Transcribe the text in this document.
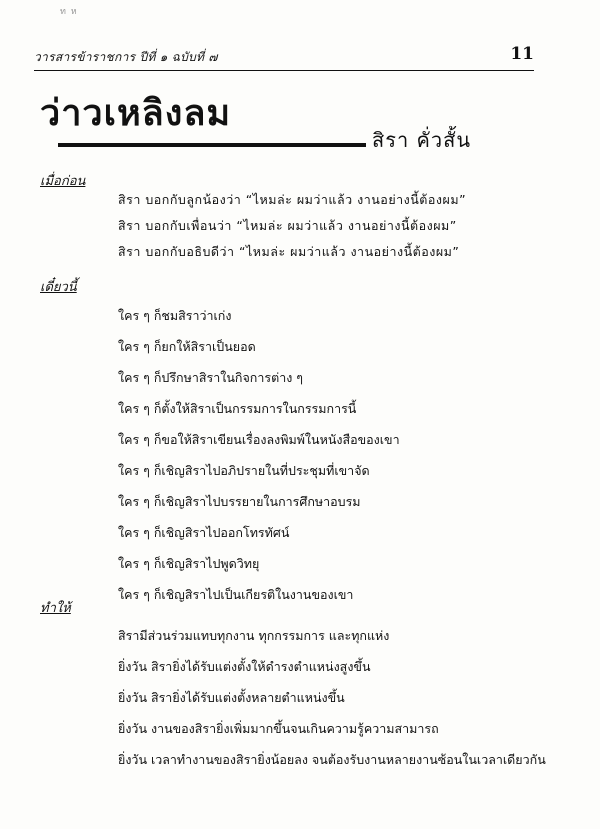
ท ห
วารสารข้าราชการ ปีที่ ๑ ฉบับที่ ๗	11
ว่าวเหลิงลม
สิรา คั่วสั้น
เมื่อก่อน
สิรา บอกกับลูกน้องว่า “ไหมล่ะ ผมว่าแล้ว งานอย่างนี้ต้องผม”
สิรา บอกกับเพื่อนว่า “ไหมล่ะ ผมว่าแล้ว งานอย่างนี้ต้องผม”
สิรา บอกกับอธิบดีว่า “ไหมล่ะ ผมว่าแล้ว งานอย่างนี้ต้องผม”
เดี๋ยวนี้
ใคร ๆ ก็ชมสิราว่าเก่ง
ใคร ๆ ก็ยกให้สิราเป็นยอด
ใคร ๆ ก็ปรึกษาสิราในกิจการต่าง ๆ
ใคร ๆ ก็ตั้งให้สิราเป็นกรรมการในกรรมการนี้
ใคร ๆ ก็ขอให้สิราเขียนเรื่องลงพิมพ์ในหนังสือของเขา
ใคร ๆ ก็เชิญสิราไปอภิปรายในที่ประชุมที่เขาจัด
ใคร ๆ ก็เชิญสิราไปบรรยายในการศึกษาอบรม
ใคร ๆ ก็เชิญสิราไปออกโทรทัศน์
ใคร ๆ ก็เชิญสิราไปพูดวิทยุ
ใคร ๆ ก็เชิญสิราไปเป็นเกียรติในงานของเขา
ทำให้
สิรามีส่วนร่วมแทบทุกงาน ทุกกรรมการ และทุกแห่ง
ยิ่งวัน สิรายิ่งได้รับแต่งตั้งให้ดำรงตำแหน่งสูงขึ้น
ยิ่งวัน สิรายิ่งได้รับแต่งตั้งหลายตำแหน่งขึ้น
ยิ่งวัน งานของสิรายิ่งเพิ่มมากขึ้นจนเกินความรู้ความสามารถ
ยิ่งวัน เวลาทำงานของสิรายิ่งน้อยลง จนต้องรับงานหลายงานซ้อนในเวลาเดียวกัน
